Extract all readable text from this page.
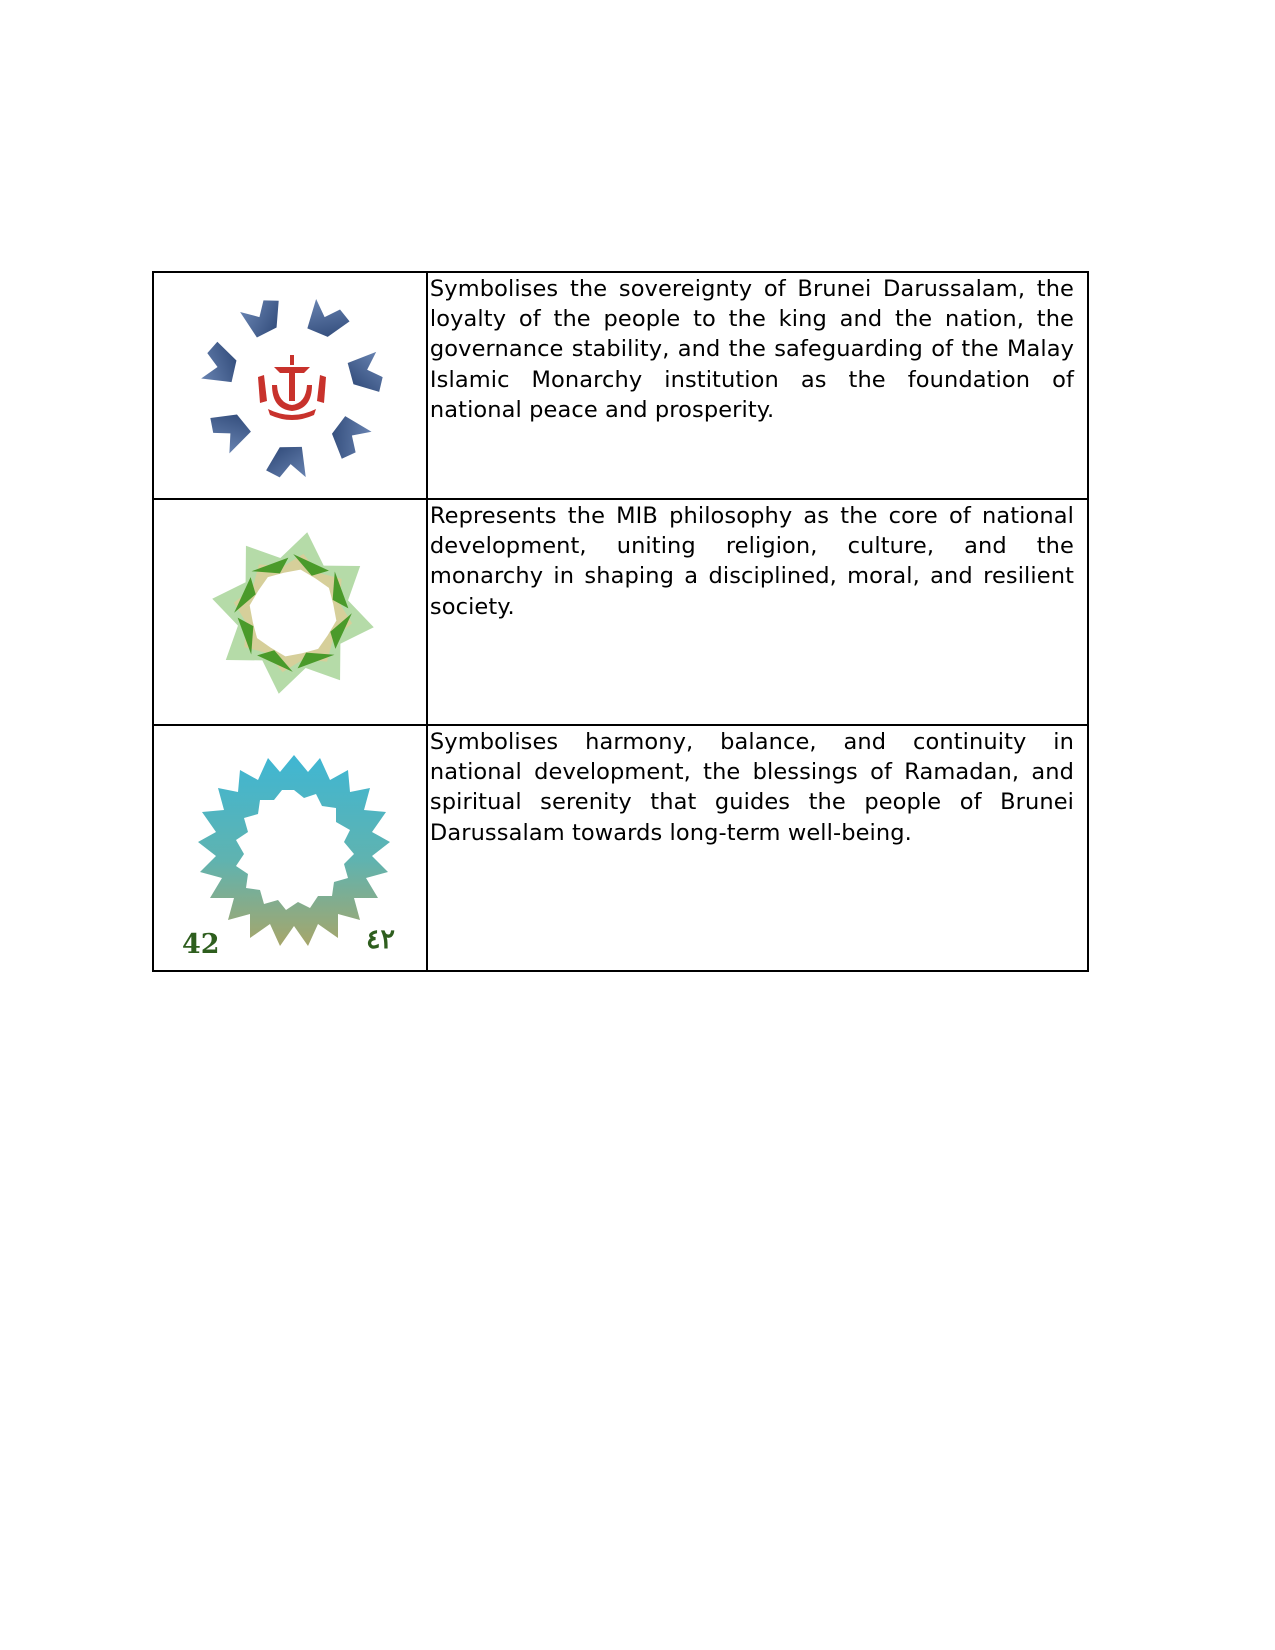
	Symbolises the sovereignty of Brunei Darussalam, the loyalty of the people to the king and the nation, the governance stability, and the safeguarding of the Malay Islamic Monarchy institution as the foundation of national peace and prosperity.

	Represents the MIB philosophy as the core of national development, uniting religion, culture, and the monarchy in shaping a disciplined, moral, and resilient society.

42 ٤٢	Symbolises harmony, balance, and continuity in national development, the blessings of Ramadan, and spiritual serenity that guides the people of Brunei Darussalam towards long-term well-being.
